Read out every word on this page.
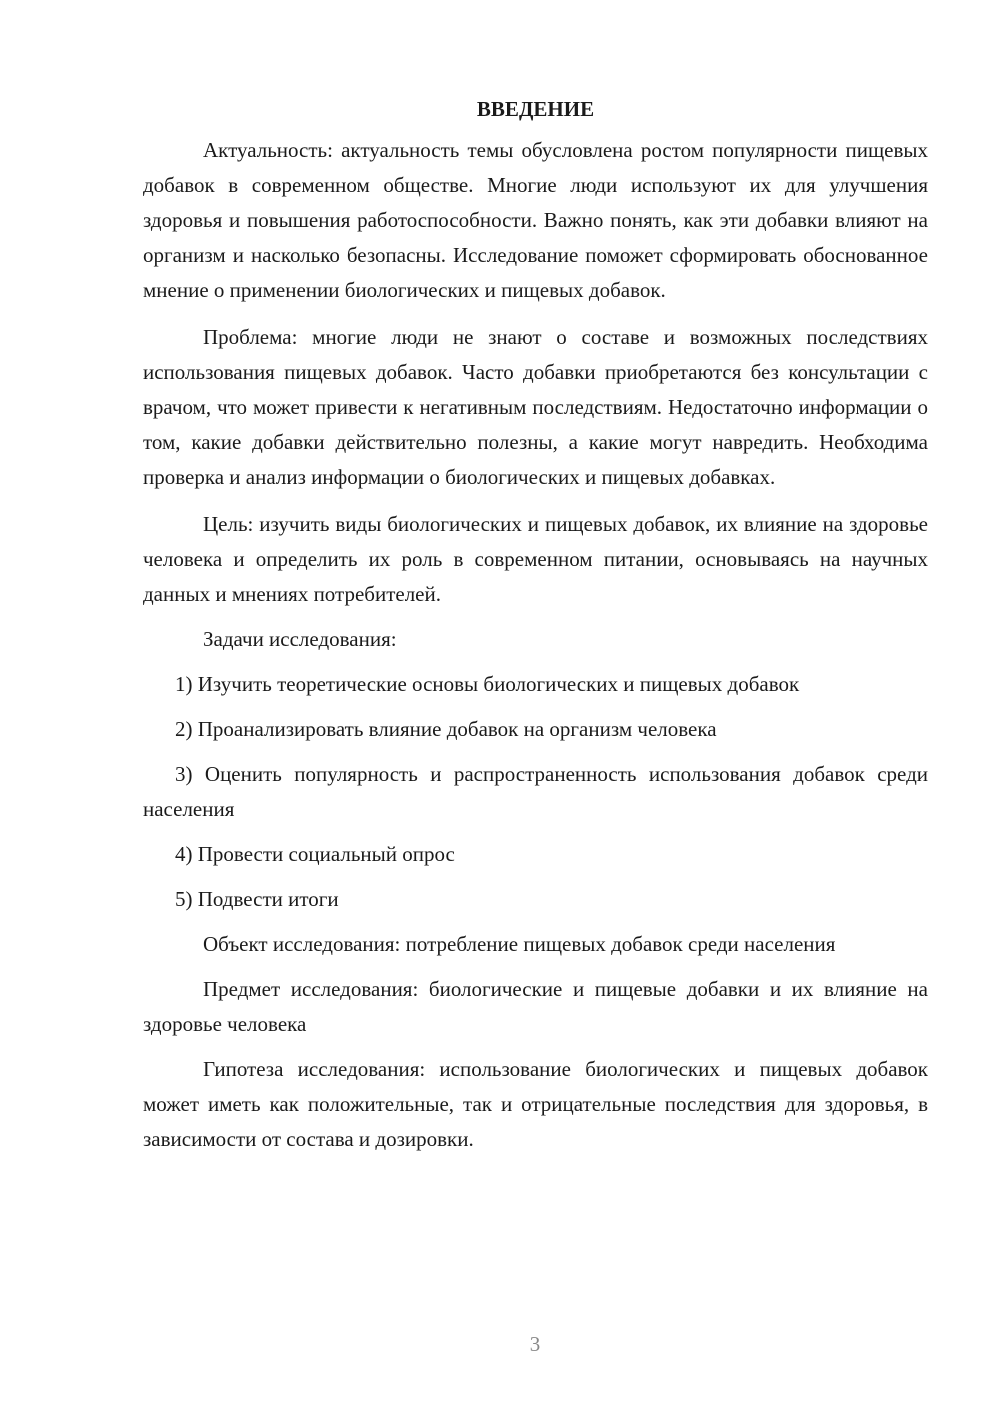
ВВЕДЕНИЕ

Актуальность: актуальность темы обусловлена ростом популярности пищевых добавок в современном обществе. Многие люди используют их для улучшения здоровья и повышения работоспособности. Важно понять, как эти добавки влияют на организм и насколько безопасны. Исследование поможет сформировать обоснованное мнение о применении биологических и пищевых добавок.

Проблема: многие люди не знают о составе и возможных последствиях использования пищевых добавок. Часто добавки приобретаются без консультации с врачом, что может привести к негативным последствиям. Недостаточно информации о том, какие добавки действительно полезны, а какие могут навредить. Необходима проверка и анализ информации о биологических и пищевых добавках.

Цель: изучить виды биологических и пищевых добавок, их влияние на здоровье человека и определить их роль в современном питании, основываясь на научных данных и мнениях потребителей.

Задачи исследования:

1) Изучить теоретические основы биологических и пищевых добавок

2) Проанализировать влияние добавок на организм человека

3) Оценить популярность и распространенность использования добавок среди населения

4) Провести социальный опрос

5) Подвести итоги

Объект исследования: потребление пищевых добавок среди населения

Предмет исследования: биологические и пищевые добавки и их влияние на здоровье человека

Гипотеза исследования: использование биологических и пищевых добавок может иметь как положительные, так и отрицательные последствия для здоровья, в зависимости от состава и дозировки.

3
